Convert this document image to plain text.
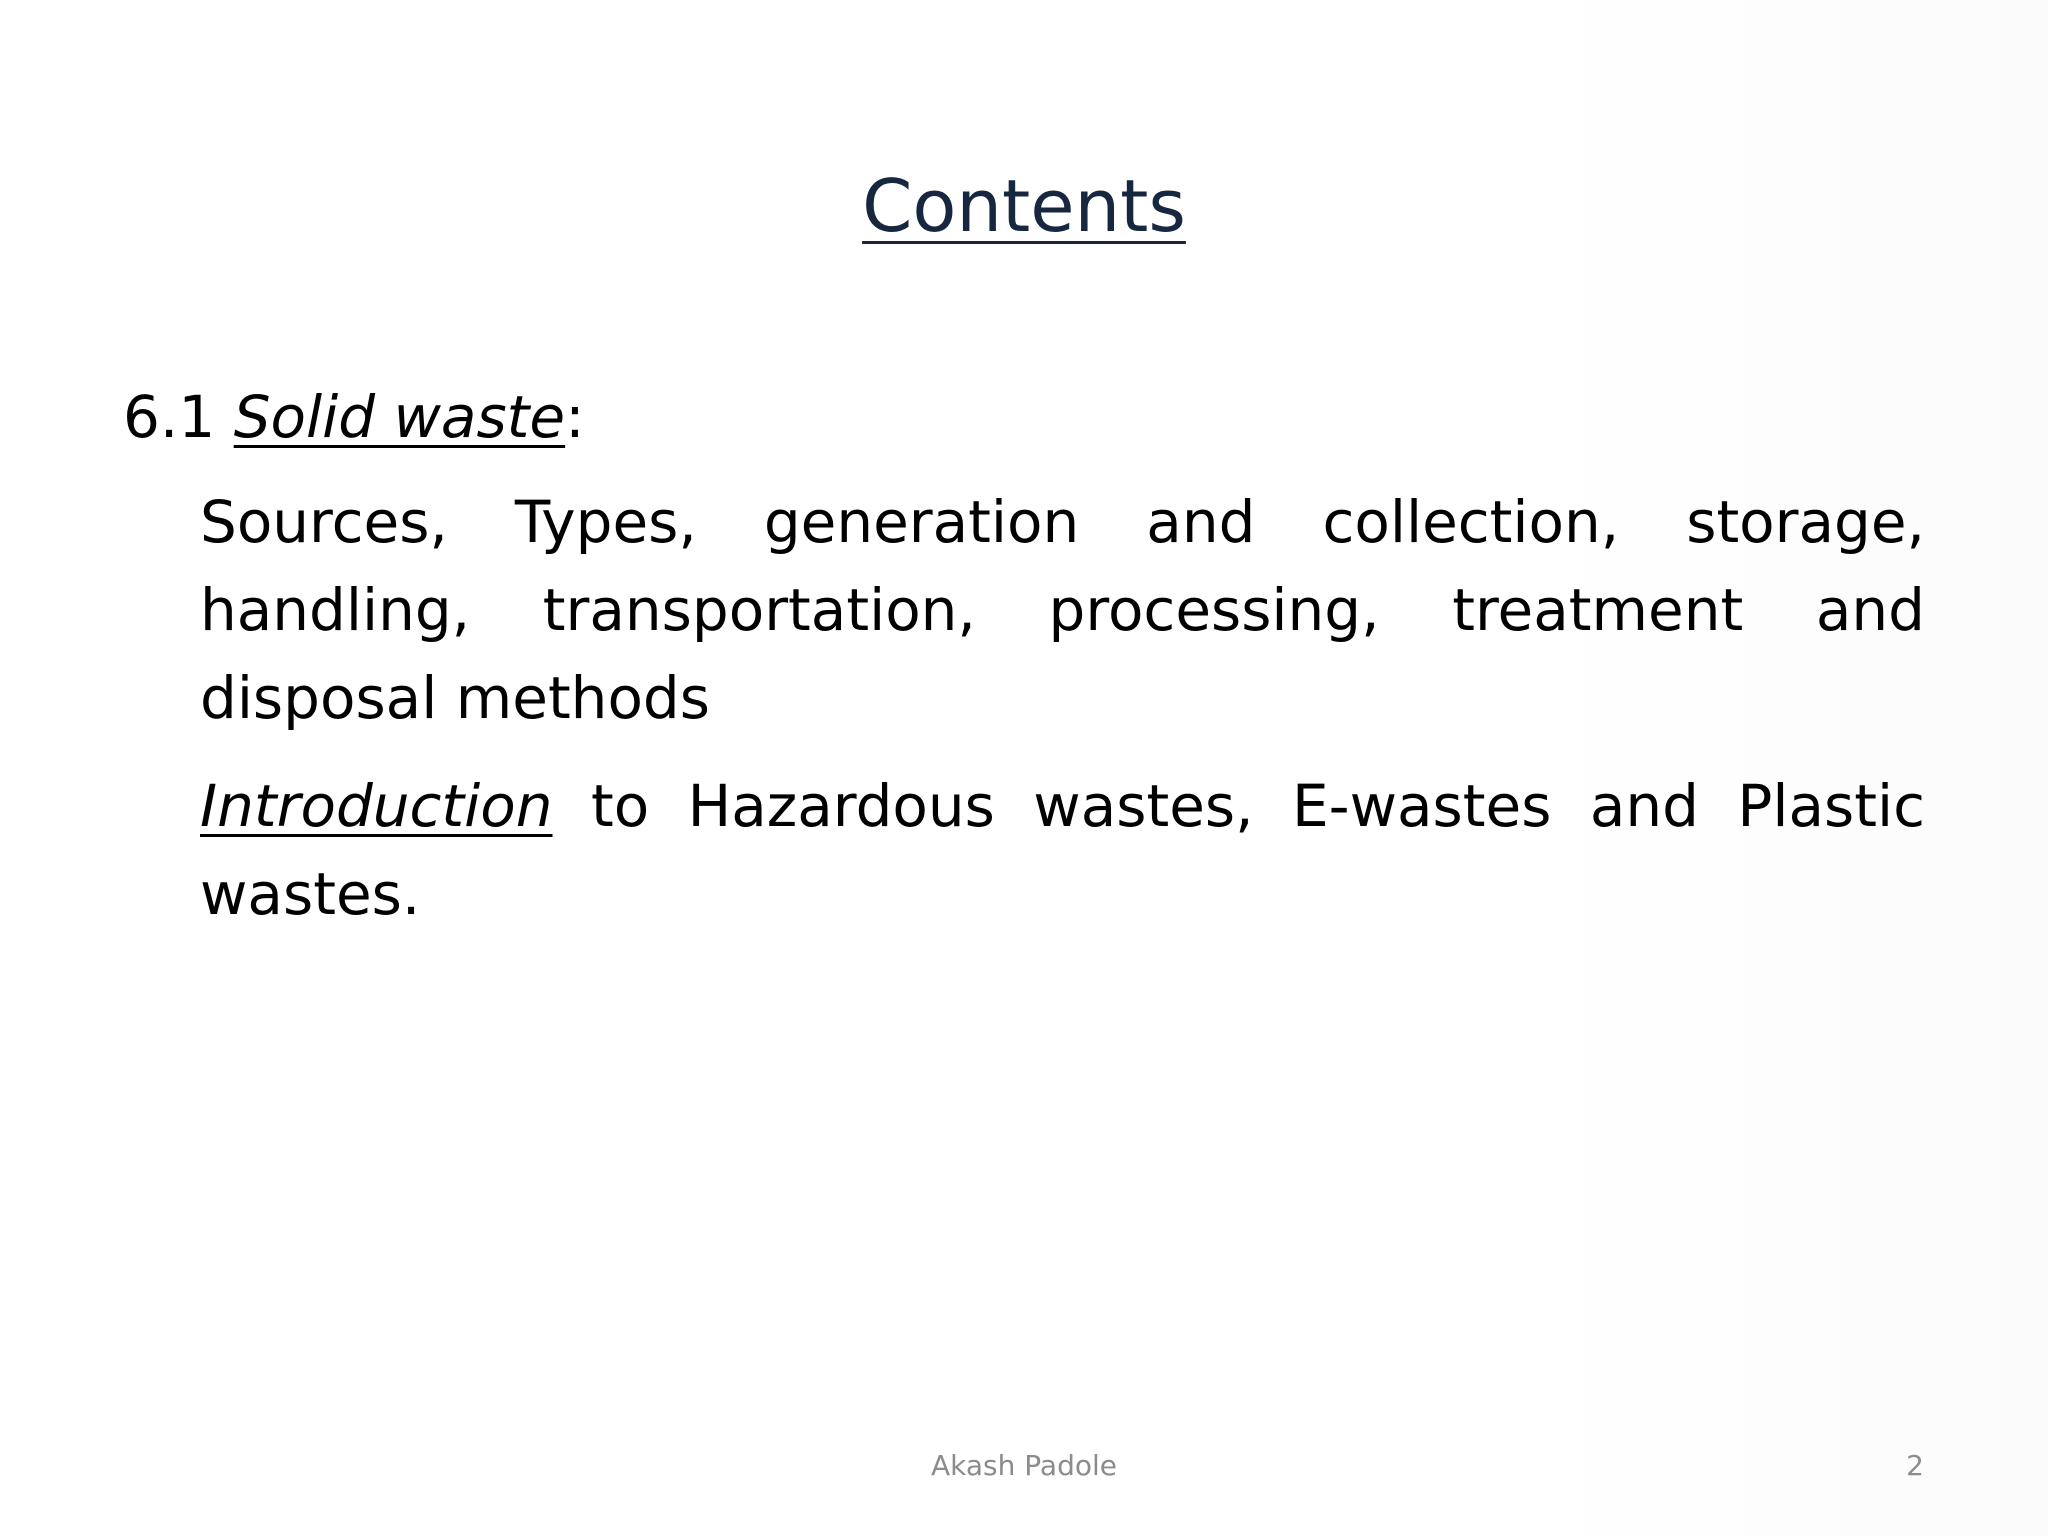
Contents

6.1 Solid waste:

Sources, Types, generation and collection, storage, handling, transportation, processing, treatment and disposal methods

Introduction to Hazardous wastes, E-wastes and Plastic wastes.

Akash Padole	2
